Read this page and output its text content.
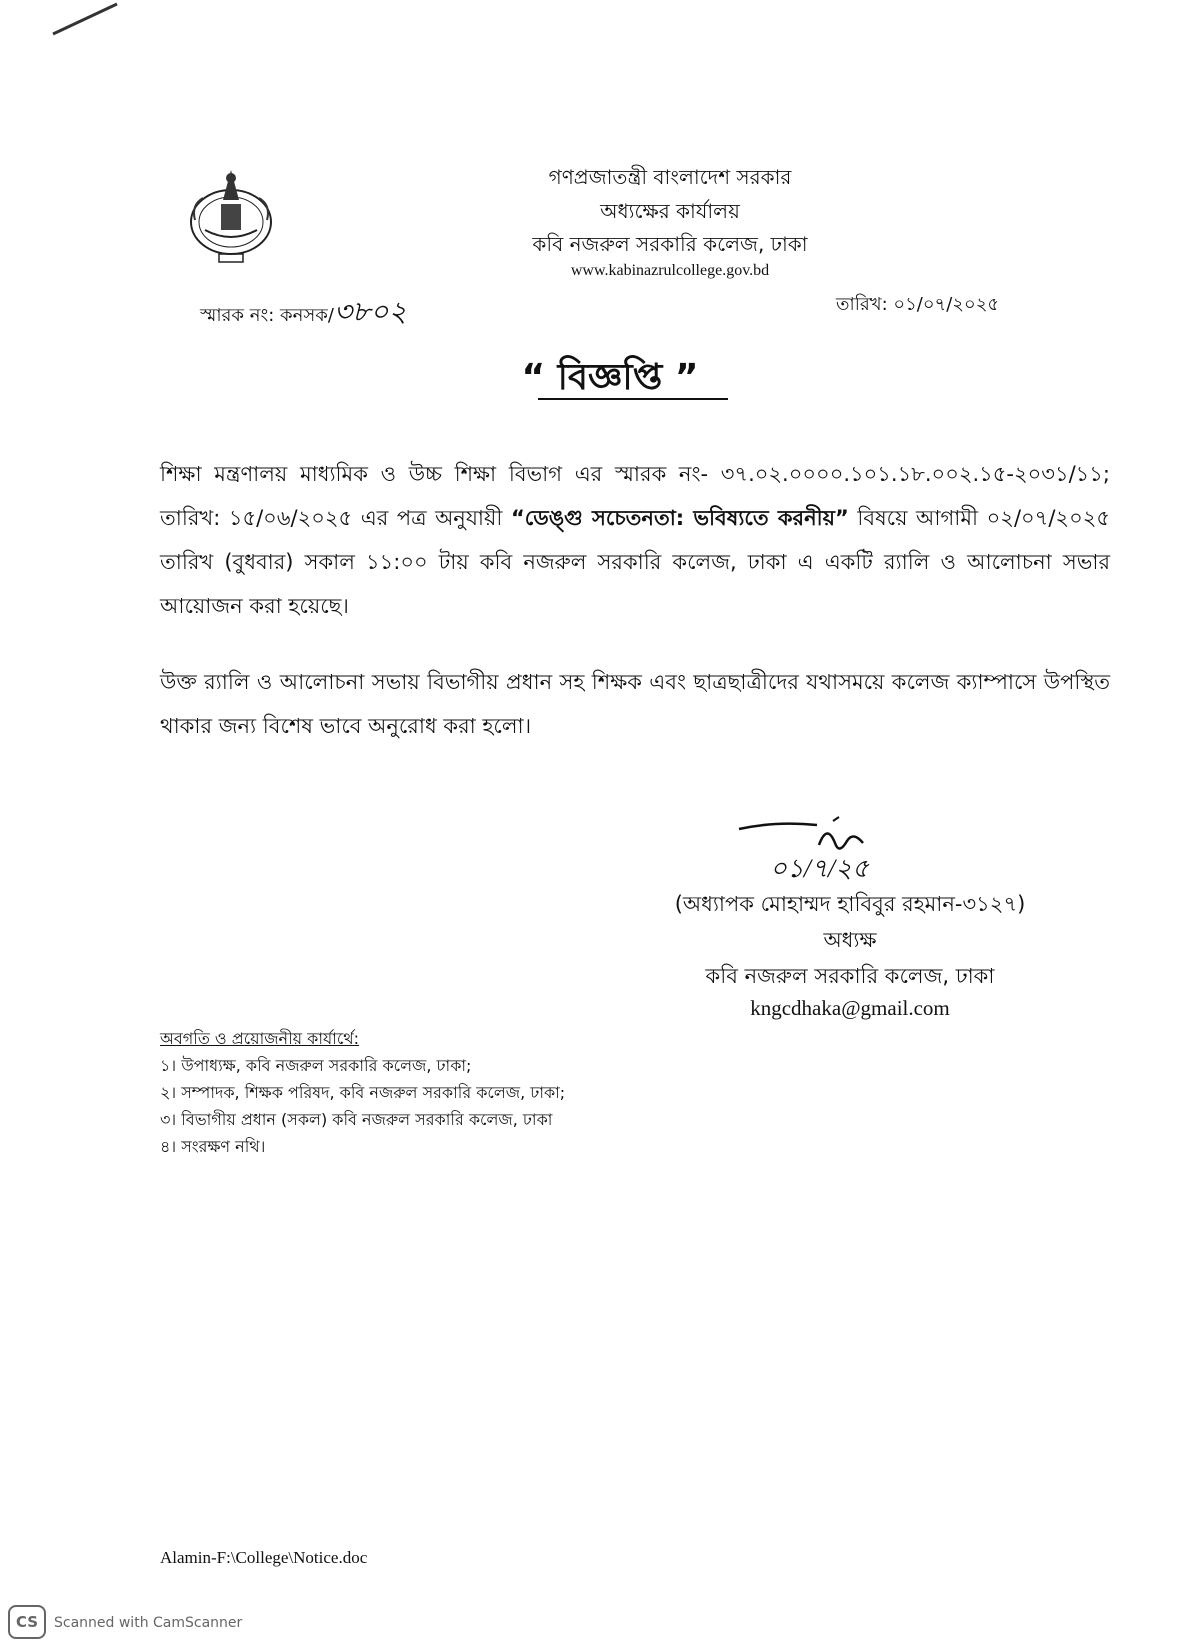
গণপ্রজাতন্ত্রী বাংলাদেশ সরকার
অধ্যক্ষের কার্যালয়
কবি নজরুল সরকারি কলেজ, ঢাকা
www.kabinazrulcollege.gov.bd
স্মারক নং: কনসক/৩৮০২	তারিখ: ০১/০৭/২০২৫
“ বিজ্ঞপ্তি ”
শিক্ষা মন্ত্রণালয় মাধ্যমিক ও উচ্চ শিক্ষা বিভাগ এর স্মারক নং- ৩৭.০২.০০০০.১০১.১৮.০০২.১৫-২০৩১/১১; তারিখ: ১৫/০৬/২০২৫ এর পত্র অনুযায়ী “ডেঙ্গু সচেতনতা: ভবিষ্যতে করনীয়” বিষয়ে আগামী ০২/০৭/২০২৫ তারিখ (বুধবার) সকাল ১১:০০ টায় কবি নজরুল সরকারি কলেজ, ঢাকা এ একটি র‌্যালি ও আলোচনা সভার আয়োজন করা হয়েছে।
উক্ত র‌্যালি ও আলোচনা সভায় বিভাগীয় প্রধান সহ শিক্ষক এবং ছাত্রছাত্রীদের যথাসময়ে কলেজ ক্যাম্পাসে উপস্থিত থাকার জন্য বিশেষ ভাবে অনুরোধ করা হলো।
০১/৭/২৫
(অধ্যাপক মোহাম্মদ হাবিবুর রহমান-৩১২৭)
অধ্যক্ষ
কবি নজরুল সরকারি কলেজ, ঢাকা
kngcdhaka@gmail.com
অবগতি ও প্রয়োজনীয় কার্যার্থে:
১। উপাধ্যক্ষ, কবি নজরুল সরকারি কলেজ, ঢাকা;
২। সম্পাদক, শিক্ষক পরিষদ, কবি নজরুল সরকারি কলেজ, ঢাকা;
৩। বিভাগীয় প্রধান (সকল) কবি নজরুল সরকারি কলেজ, ঢাকা
৪। সংরক্ষণ নথি।
Alamin-F:\College\Notice.doc
CS Scanned with CamScanner
